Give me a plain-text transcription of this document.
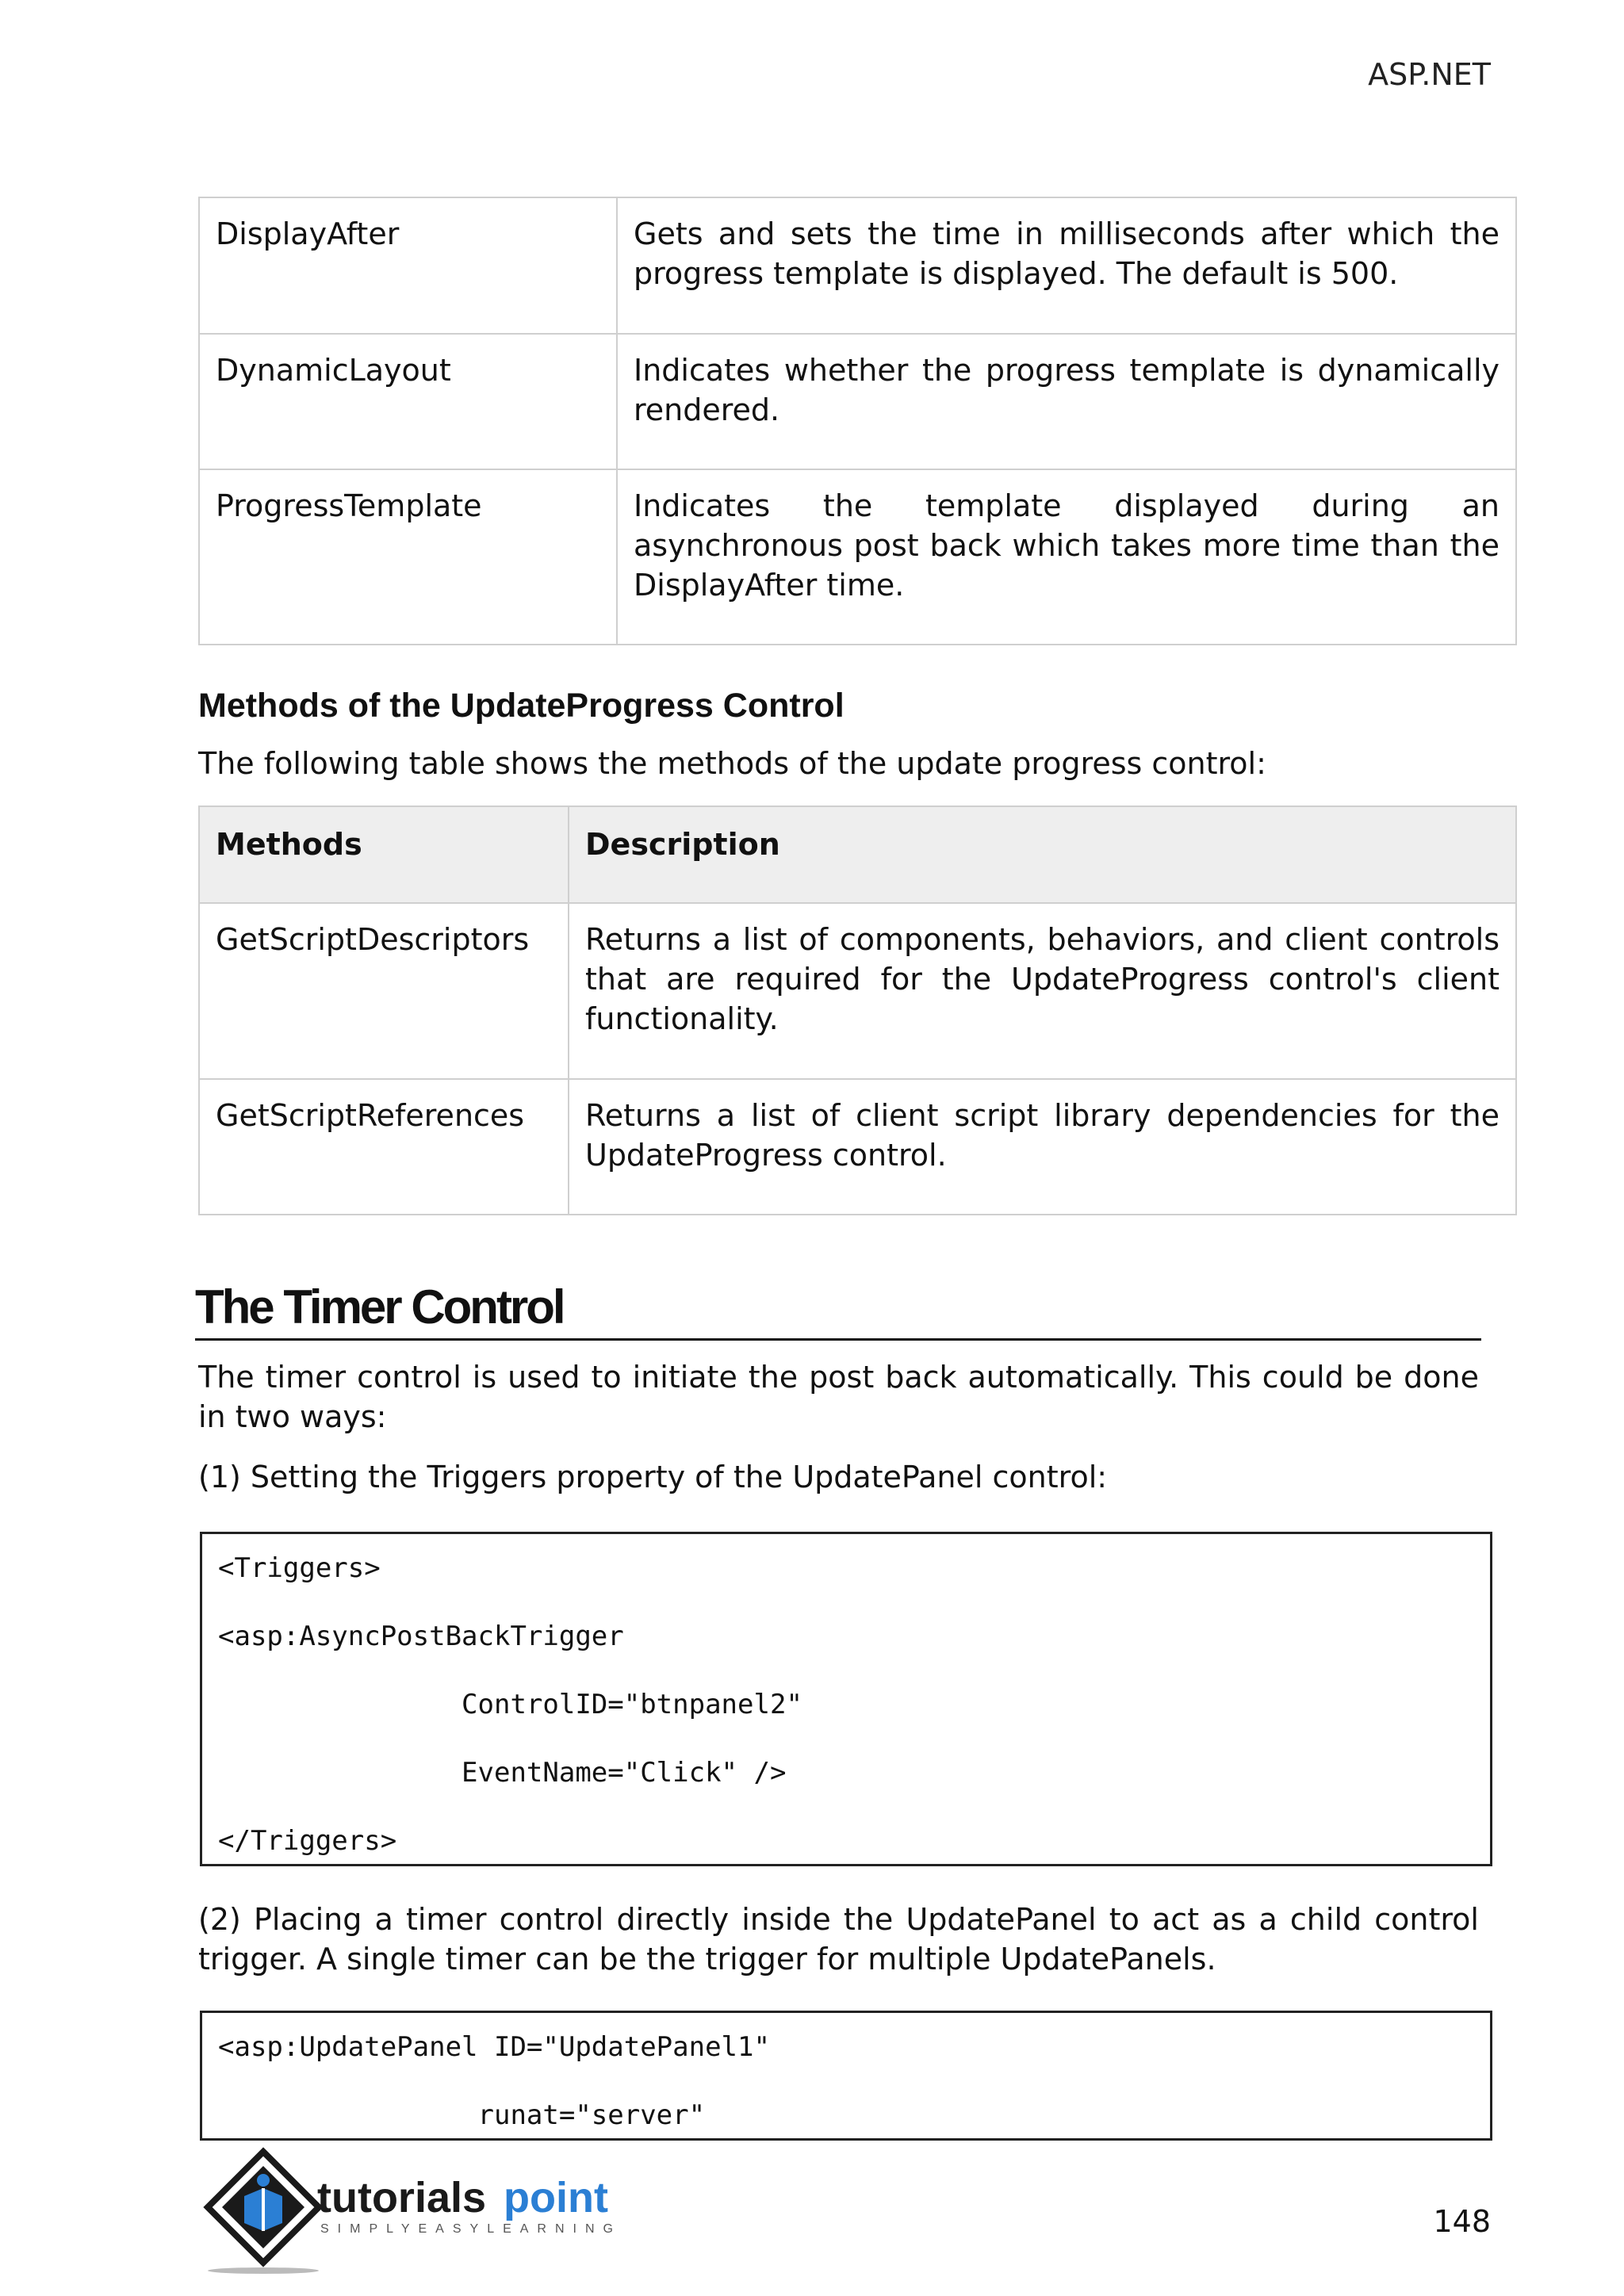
ASP.NET
DisplayAfter	Gets and sets the time in milliseconds after which the progress template is displayed. The default is 500.
DynamicLayout	Indicates whether the progress template is dynamically rendered.
ProgressTemplate	Indicates the template displayed during an asynchronous post back which takes more time than the DisplayAfter time.
Methods of the UpdateProgress Control

The following table shows the methods of the update progress control:

Methods	Description
GetScriptDescriptors	Returns a list of components, behaviors, and client controls that are required for the UpdateProgress control's client functionality.
GetScriptReferences	Returns a list of client script library dependencies for the UpdateProgress control.
The Timer Control

The timer control is used to initiate the post back automatically. This could be done in two ways:

(1) Setting the Triggers property of the UpdatePanel control:

<Triggers>
<asp:AsyncPostBackTrigger
ControlID="btnpanel2"
EventName="Click" />
</Triggers>

(2) Placing a timer control directly inside the UpdatePanel to act as a child control trigger. A single timer can be the trigger for multiple UpdatePanels.

<asp:UpdatePanel ID="UpdatePanel1"
runat="server"
tutorials point
SIMPLYEASYLEARNING	148
